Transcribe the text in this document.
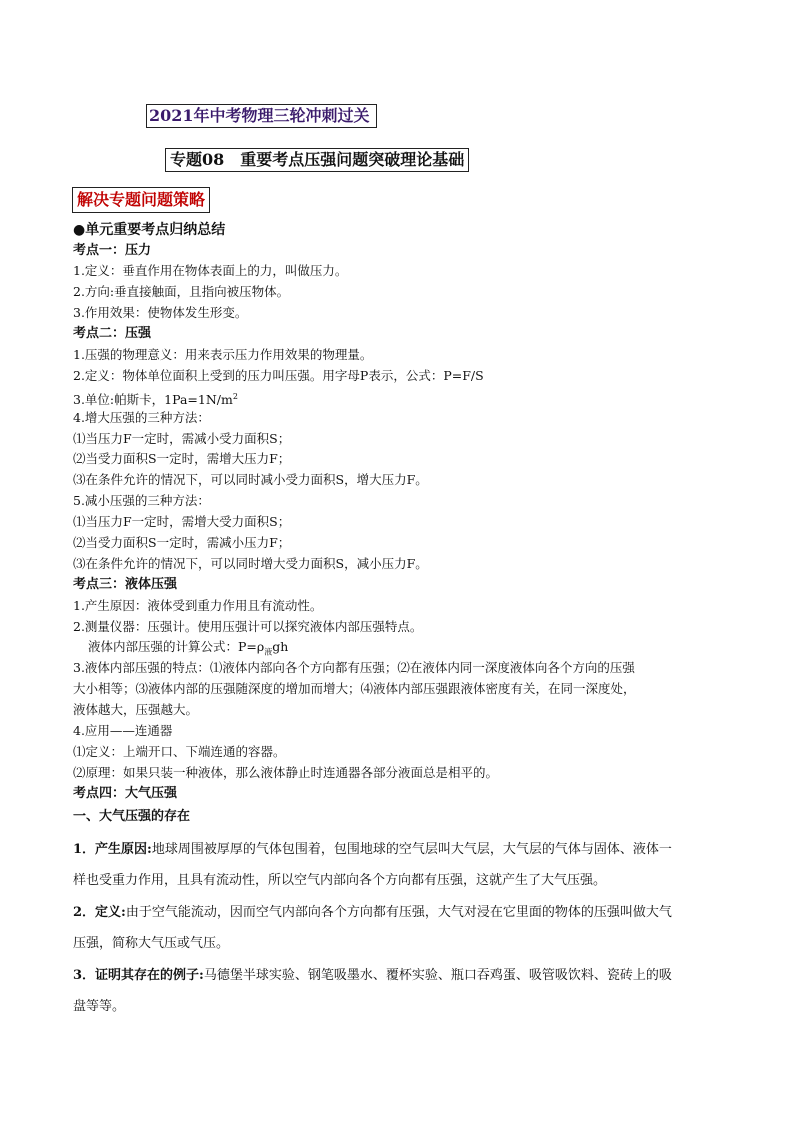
2021年中考物理三轮冲刺过关
专题08　重要考点压强问题突破理论基础
解决专题问题策略
●单元重要考点归纳总结
考点一：压力
1.定义：垂直作用在物体表面上的力，叫做压力。
2.方向:垂直接触面，且指向被压物体。
3.作用效果：使物体发生形变。
考点二：压强
1.压强的物理意义：用来表示压力作用效果的物理量。
2.定义：物体单位面积上受到的压力叫压强。用字母P表示，公式：P=F/S
3.单位:帕斯卡，$1Pa=1N/m^2$
4.增大压强的三种方法：
⑴当压力F一定时，需减小受力面积S；
⑵当受力面积S一定时，需增大压力F；
⑶在条件允许的情况下，可以同时减小受力面积S，增大压力F。
5.减小压强的三种方法：
⑴当压力F一定时，需增大受力面积S；
⑵当受力面积S一定时，需减小压力F；
⑶在条件允许的情况下，可以同时增大受力面积S，减小压力F。
考点三：液体压强
1.产生原因：液体受到重力作用且有流动性。
2.测量仪器：压强计。使用压强计可以探究液体内部压强特点。
液体内部压强的计算公式：$P=\rho_液gh$
3.液体内部压强的特点：⑴液体内部向各个方向都有压强；⑵在液体内同一深度液体向各个方向的压强
大小相等；⑶液体内部的压强随深度的增加而增大；⑷液体内部压强跟液体密度有关，在同一深度处，
液体越大，压强越大。
4.应用——连通器
⑴定义：上端开口、下端连通的容器。
⑵原理：如果只装一种液体，那么液体静止时连通器各部分液面总是相平的。
考点四：大气压强
一、大气压强的存在
1．产生原因:地球周围被厚厚的气体包围着，包围地球的空气层叫大气层，大气层的气体与固体、液体一
样也受重力作用，且具有流动性，所以空气内部向各个方向都有压强，这就产生了大气压强。
2．定义:由于空气能流动，因而空气内部向各个方向都有压强，大气对浸在它里面的物体的压强叫做大气
压强，简称大气压或气压。
3．证明其存在的例子:马德堡半球实验、钢笔吸墨水、覆杯实验、瓶口吞鸡蛋、吸管吸饮料、瓷砖上的吸
盘等等。
